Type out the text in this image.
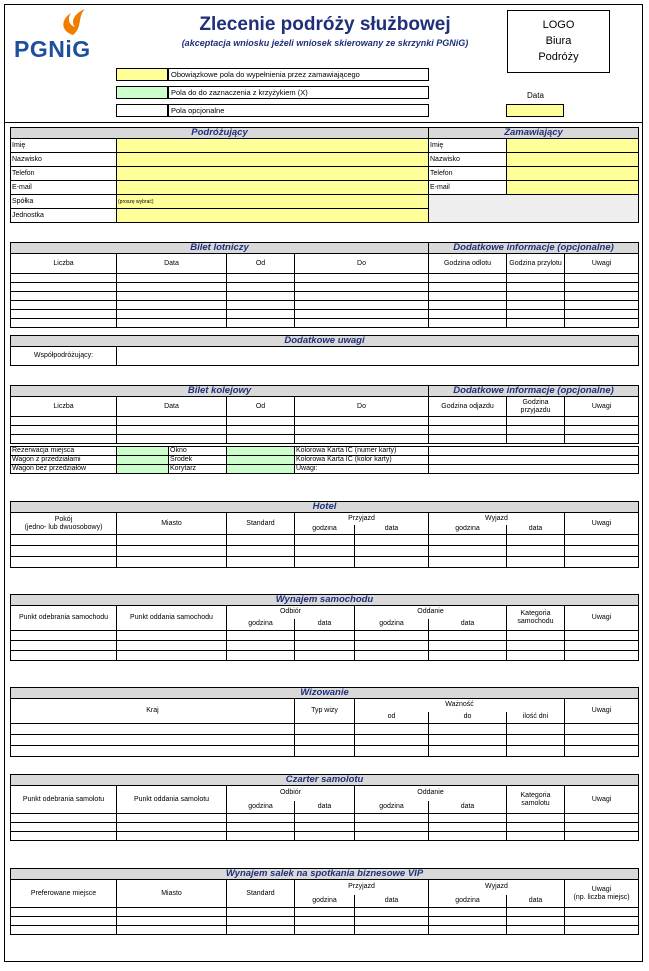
PGNiG
Zlecenie podróży służbowej
(akceptacja wniosku jeżeli wniosek skierowany ze skrzynki PGNiG)
LOGO
Biura
Podróży
Obowiązkowe pola do wypełnienia przez zamawiającego
Pola do do zaznaczenia z krzyżykiem (X)
Pola opcjonalne
Data
Podróżujący		Zamawiający	
Imię		Imię	
Nazwisko		Nazwisko	
Telefon		Telefon	
E-mail		E-mail	
Spółka	(proszę wybrać)		
Jednostka			
Bilet lotniczy				Dodatkowe informacje (opcjonalne)		
Liczba	Data	Od	Do	Godzina odlotu	Godzina przylotu	Uwagi

Dodatkowe uwagi
Współpodróżujący:	
Bilet kolejowy					Dodatkowe informacje (opcjonalne)		
Liczba	Data		Od	Do	Godzina odjazdu	Godzina przyjazdu	Uwagi

Rezerwacja miejsca		Okno		Kolorowa Karta IC (numer karty)			
Wagon z przedziałami		Środek		Kolorowa Karta IC (kolor karty)			
Wagon bez przedziałów		Korytarz		Uwagi:			
Hotel							

Pokój
(jedno- lub dwuosobowy)	Miasto	Standard	Przyjazd		Wyjazd		Uwagi
			godzina	data	godzina	data	

Wynajem samochodu							
Punkt odebrania samochodu	Punkt oddania samochodu	Odbiór		Oddanie		Kategoria samochodu	Uwagi
		godzina	data	godzina	data		

Wizowanie					
Kraj	Typ wizy	Ważność			Uwagi
		od	do	ilość dni	

Czarter samolotu							
Punkt odebrania samolotu	Punkt oddania samolotu	Odbiór		Oddanie		Kategoria samolotu	Uwagi
		godzina	data	godzina	data		

Wynajem salek na spotkania biznesowe VIP							
Preferowane miejsce	Miasto	Standard	Przyjazd		Wyjazd		Uwagi
(np. liczba miejsc)

			godzina	data	godzina	data	
